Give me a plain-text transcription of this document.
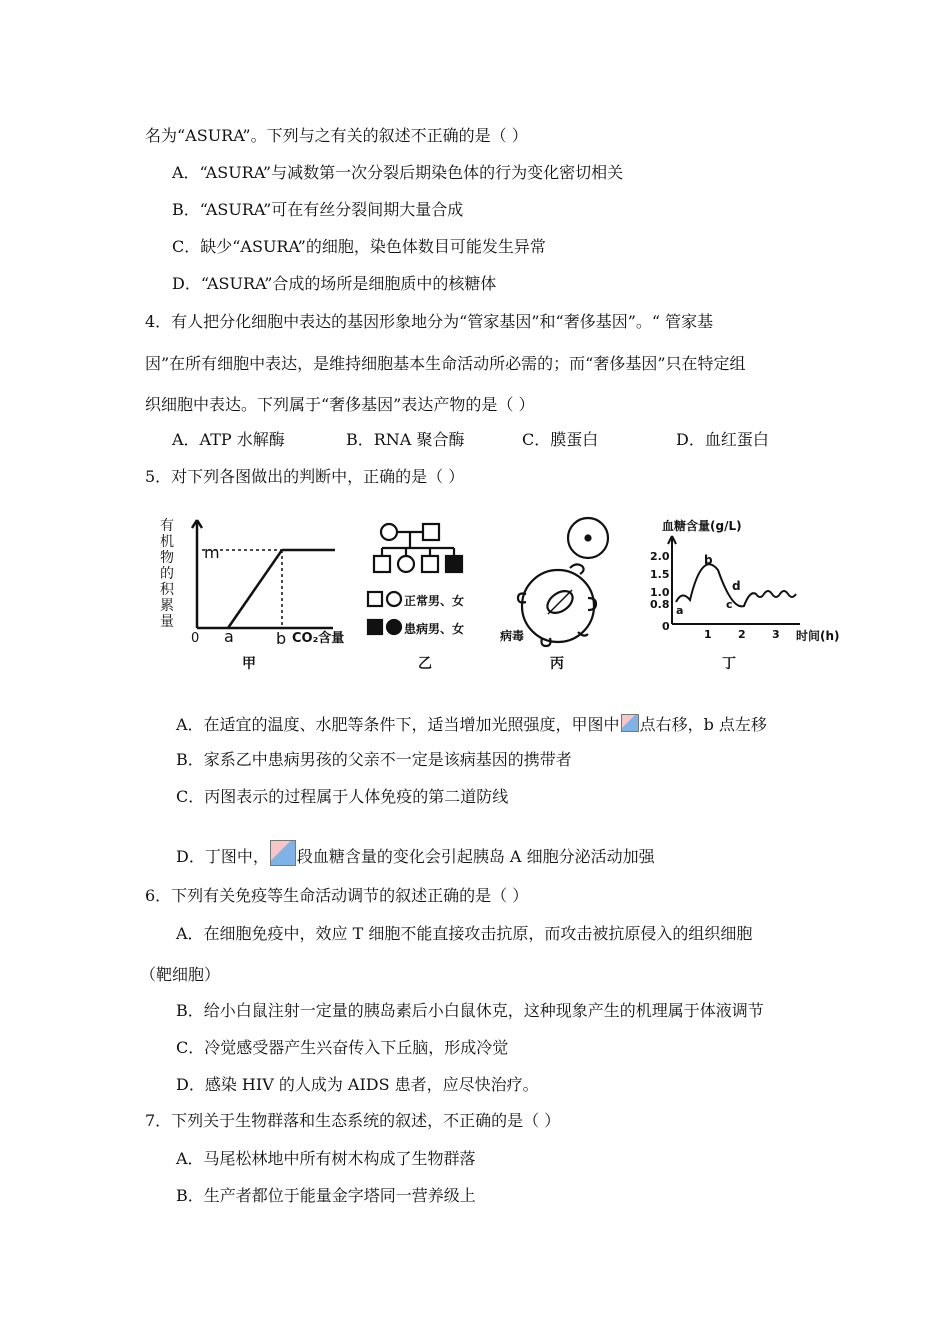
名为“ASURA”。下列与之有关的叙述不正确的是（ ）
A．“ASURA”与减数第一次分裂后期染色体的行为变化密切相关
B．“ASURA”可在有丝分裂间期大量合成
C．缺少“ASURA”的细胞，染色体数目可能发生异常
D．“ASURA”合成的场所是细胞质中的核糖体
4．有人把分化细胞中表达的基因形象地分为“管家基因”和“奢侈基因”。“ 管家基
因”在所有细胞中表达，是维持细胞基本生命活动所必需的；而“奢侈基因”只在特定组
织细胞中表达。下列属于“奢侈基因”表达产物的是（ ）
A．ATP 水解酶	B．RNA 聚合酶	C．膜蛋白	D．血红蛋白
5．对下列各图做出的判断中，正确的是（ ）
有
机
物
的
积
累
量
0
m
a	b CO₂含量
甲
正常男、女
患病男、女
乙
病毒
丙
血糖含量(g/L)
2.0
1.5
1.0
0.8
0
1 2 3 时间(h)
a
b
c
d
丁
A．在适宜的温度、水肥等条件下，适当增加光照强度，甲图中 点右移，b 点左移
B．家系乙中患病男孩的父亲不一定是该病基因的携带者
C．丙图表示的过程属于人体免疫的第二道防线
D．丁图中， 段血糖含量的变化会引起胰岛 A 细胞分泌活动加强
6．下列有关免疫等生命活动调节的叙述正确的是（ ）
A．在细胞免疫中，效应 T 细胞不能直接攻击抗原，而攻击被抗原侵入的组织细胞
（靶细胞）
B．给小白鼠注射一定量的胰岛素后小白鼠休克，这种现象产生的机理属于体液调节
C．冷觉感受器产生兴奋传入下丘脑，形成冷觉
D．感染 HIV 的人成为 AIDS 患者，应尽快治疗。
7．下列关于生物群落和生态系统的叙述，不正确的是（ ）
A．马尾松林地中所有树木构成了生物群落
B．生产者都位于能量金字塔同一营养级上
